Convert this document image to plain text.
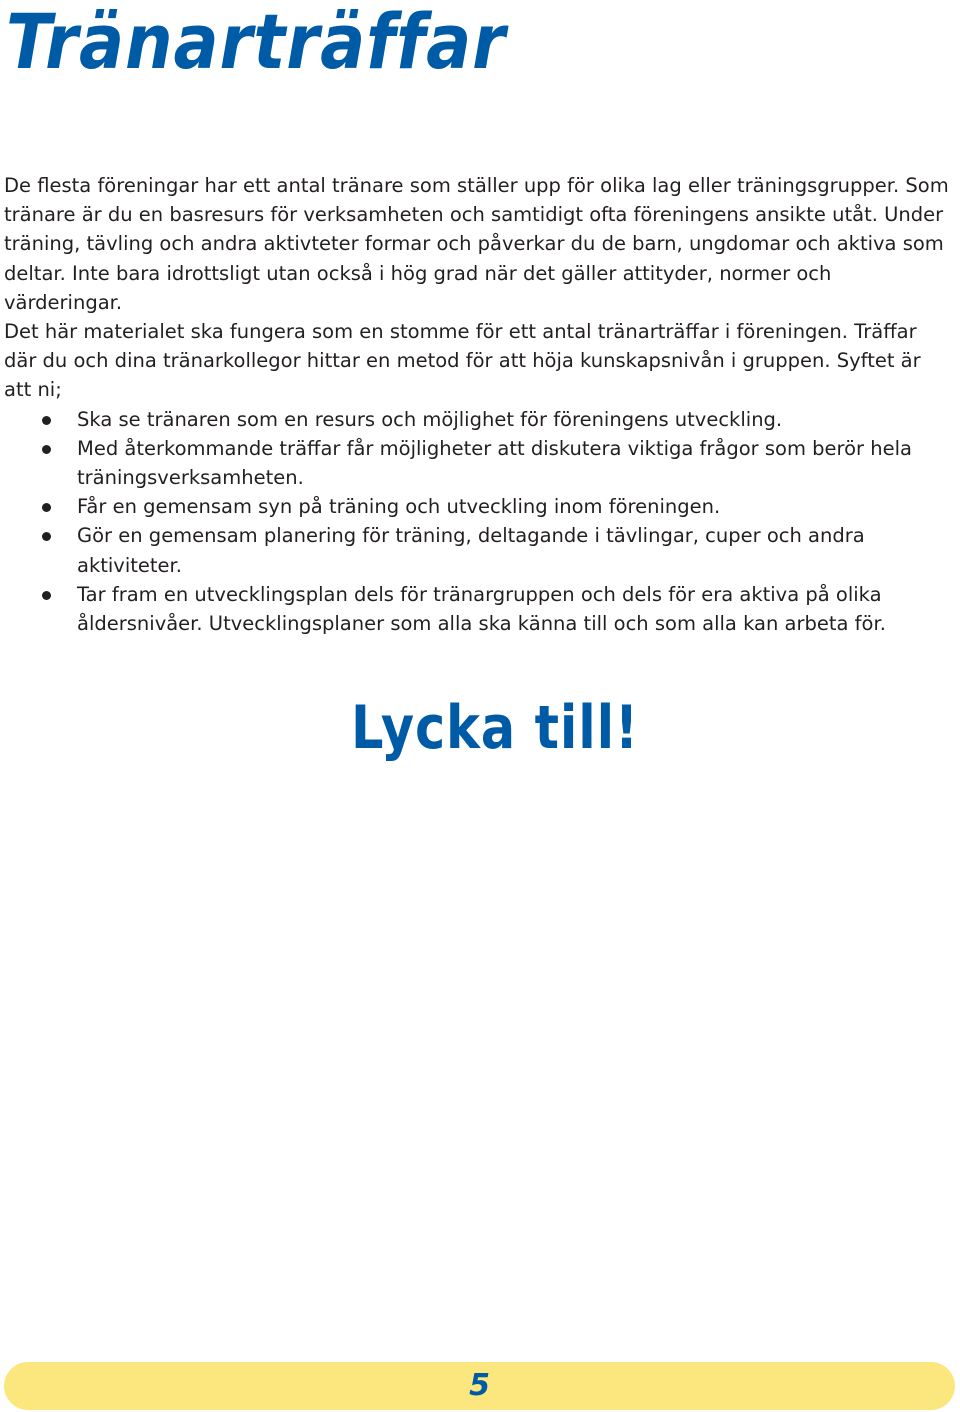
Tränarträffar

De flesta föreningar har ett antal tränare som ställer upp för olika lag eller träningsgrupper. Som tränare är du en basresurs för verksamheten och samtidigt ofta föreningens ansikte utåt. Under träning, tävling och andra aktivteter formar och påverkar du de barn, ungdomar och aktiva som deltar. Inte bara idrottsligt utan också i hög grad när det gäller attityder, normer och värderingar.

Det här materialet ska fungera som en stomme för ett antal tränarträffar i föreningen. Träffar där du och dina tränarkollegor hittar en metod för att höja kunskapsnivån i gruppen. Syftet är att ni;

Ska se tränaren som en resurs och möjlighet för föreningens utveckling.
Med återkommande träffar får möjligheter att diskutera viktiga frågor som berör hela träningsverksamheten.
Får en gemensam syn på träning och utveckling inom föreningen.
Gör en gemensam planering för träning, deltagande i tävlingar, cuper och andra aktiviteter.
Tar fram en utvecklingsplan dels för tränargruppen och dels för era aktiva på olika åldersnivåer. Utvecklingsplaner som alla ska känna till och som alla kan arbeta för.

Lycka till!

5
